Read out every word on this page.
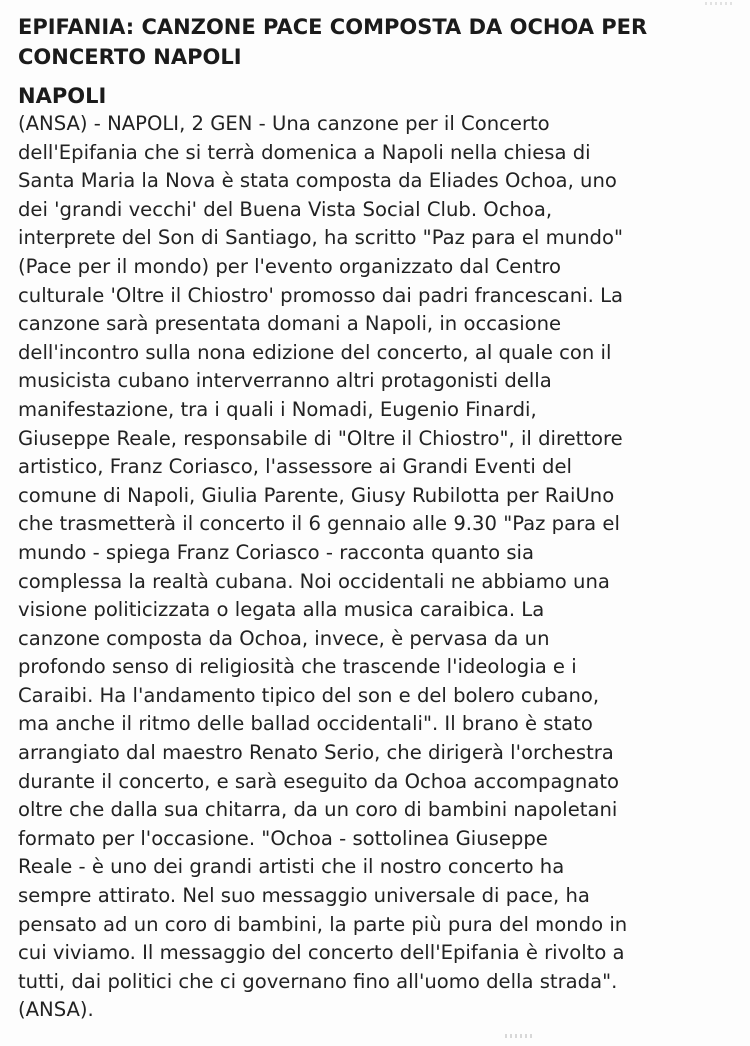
EPIFANIA: CANZONE PACE COMPOSTA DA OCHOA PER CONCERTO NAPOLI
NAPOLI
(ANSA) - NAPOLI, 2 GEN - Una canzone per il Concerto
dell'Epifania che si terrà domenica a Napoli nella chiesa di
Santa Maria la Nova è stata composta da Eliades Ochoa, uno
dei 'grandi vecchi' del Buena Vista Social Club. Ochoa,
interprete del Son di Santiago, ha scritto "Paz para el mundo"
(Pace per il mondo) per l'evento organizzato dal Centro
culturale 'Oltre il Chiostro' promosso dai padri francescani. La
canzone sarà presentata domani a Napoli, in occasione
dell'incontro sulla nona edizione del concerto, al quale con il
musicista cubano interverranno altri protagonisti della
manifestazione, tra i quali i Nomadi, Eugenio Finardi,
Giuseppe Reale, responsabile di "Oltre il Chiostro", il direttore
artistico, Franz Coriasco, l'assessore ai Grandi Eventi del
comune di Napoli, Giulia Parente, Giusy Rubilotta per RaiUno
che trasmetterà il concerto il 6 gennaio alle 9.30 "Paz para el
mundo - spiega Franz Coriasco - racconta quanto sia
complessa la realtà cubana. Noi occidentali ne abbiamo una
visione politicizzata o legata alla musica caraibica. La
canzone composta da Ochoa, invece, è pervasa da un
profondo senso di religiosità che trascende l'ideologia e i
Caraibi. Ha l'andamento tipico del son e del bolero cubano,
ma anche il ritmo delle ballad occidentali". Il brano è stato
arrangiato dal maestro Renato Serio, che dirigerà l'orchestra
durante il concerto, e sarà eseguito da Ochoa accompagnato
oltre che dalla sua chitarra, da un coro di bambini napoletani
formato per l'occasione. "Ochoa - sottolinea Giuseppe
Reale - è uno dei grandi artisti che il nostro concerto ha
sempre attirato. Nel suo messaggio universale di pace, ha
pensato ad un coro di bambini, la parte più pura del mondo in
cui viviamo. Il messaggio del concerto dell'Epifania è rivolto a
tutti, dai politici che ci governano fino all'uomo della strada".
(ANSA).
